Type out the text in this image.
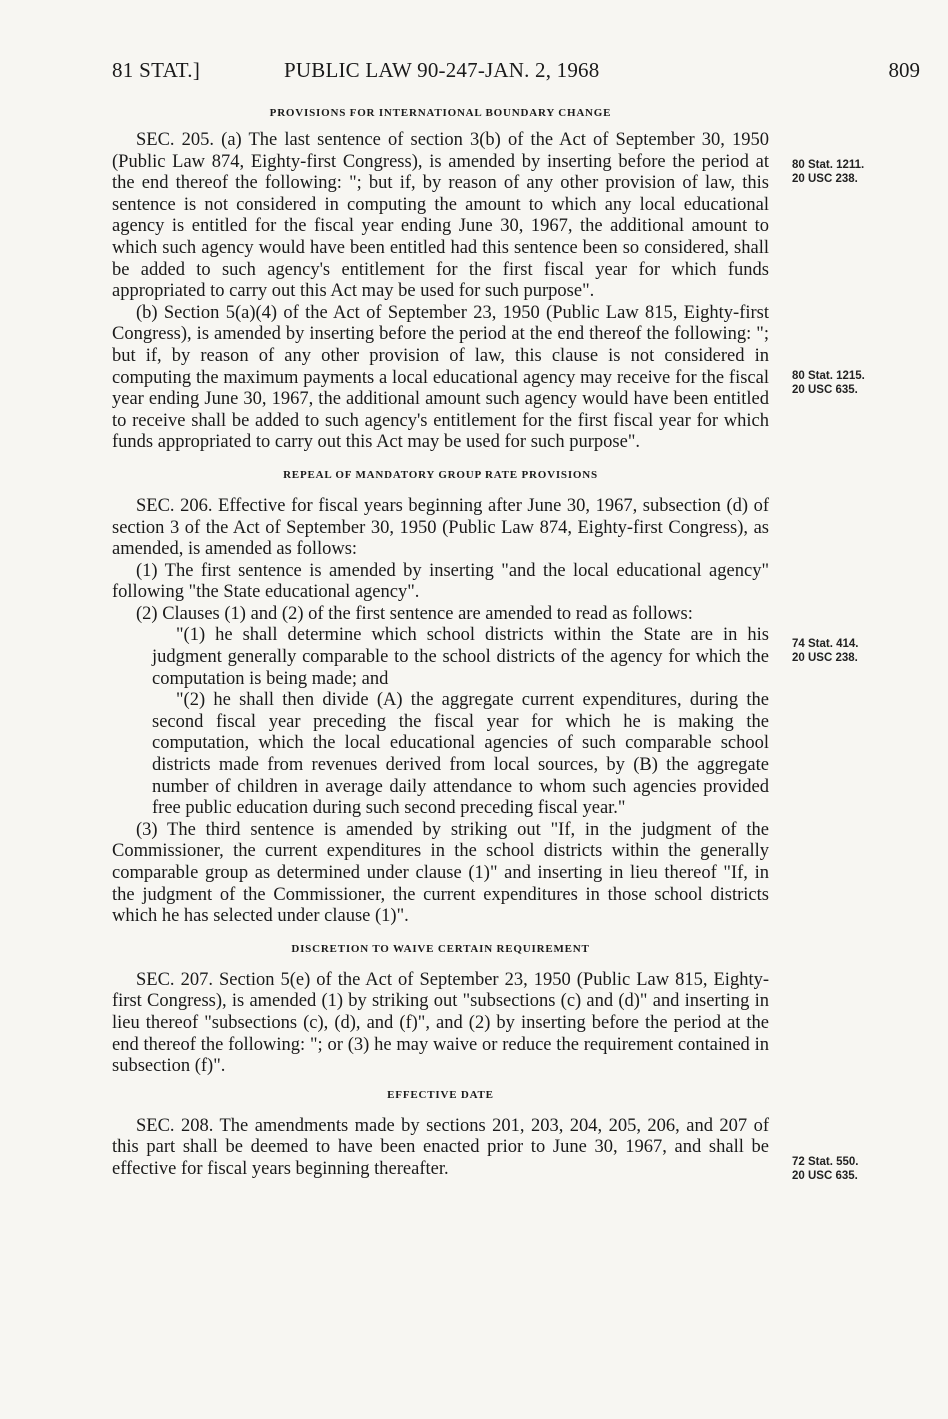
81 STAT.]	PUBLIC LAW 90-247-JAN. 2, 1968	809
PROVISIONS FOR INTERNATIONAL BOUNDARY CHANGE

SEC. 205. (a) The last sentence of section 3(b) of the Act of September 30, 1950 (Public Law 874, Eighty-first Congress), is amended by inserting before the period at the end thereof the following: "; but if, by reason of any other provision of law, this sentence is not considered in computing the amount to which any local educational agency is entitled for the fiscal year ending June 30, 1967, the additional amount to which such agency would have been entitled had this sentence been so considered, shall be added to such agency's entitlement for the first fiscal year for which funds appropriated to carry out this Act may be used for such purpose".

(b) Section 5(a)(4) of the Act of September 23, 1950 (Public Law 815, Eighty-first Congress), is amended by inserting before the period at the end thereof the following: "; but if, by reason of any other provision of law, this clause is not considered in computing the maximum payments a local educational agency may receive for the fiscal year ending June 30, 1967, the additional amount such agency would have been entitled to receive shall be added to such agency's entitlement for the first fiscal year for which funds appropriated to carry out this Act may be used for such purpose".

REPEAL OF MANDATORY GROUP RATE PROVISIONS

SEC. 206. Effective for fiscal years beginning after June 30, 1967, subsection (d) of section 3 of the Act of September 30, 1950 (Public Law 874, Eighty-first Congress), as amended, is amended as follows:

(1) The first sentence is amended by inserting "and the local educational agency" following "the State educational agency".

(2) Clauses (1) and (2) of the first sentence are amended to read as follows:

"(1) he shall determine which school districts within the State are in his judgment generally comparable to the school districts of the agency for which the computation is being made; and

"(2) he shall then divide (A) the aggregate current expenditures, during the second fiscal year preceding the fiscal year for which he is making the computation, which the local educational agencies of such comparable school districts made from revenues derived from local sources, by (B) the aggregate number of children in average daily attendance to whom such agencies provided free public education during such second preceding fiscal year."

(3) The third sentence is amended by striking out "If, in the judgment of the Commissioner, the current expenditures in the school districts within the generally comparable group as determined under clause (1)" and inserting in lieu thereof "If, in the judgment of the Commissioner, the current expenditures in those school districts which he has selected under clause (1)".

DISCRETION TO WAIVE CERTAIN REQUIREMENT

SEC. 207. Section 5(e) of the Act of September 23, 1950 (Public Law 815, Eighty-first Congress), is amended (1) by striking out "subsections (c) and (d)" and inserting in lieu thereof "subsections (c), (d), and (f)", and (2) by inserting before the period at the end thereof the following: "; or (3) he may waive or reduce the requirement contained in subsection (f)".

EFFECTIVE DATE

SEC. 208. The amendments made by sections 201, 203, 204, 205, 206, and 207 of this part shall be deemed to have been enacted prior to June 30, 1967, and shall be effective for fiscal years beginning thereafter.

80 Stat. 1211.
20 USC 238.
80 Stat. 1215.
20 USC 635.
74 Stat. 414.
20 USC 238.
72 Stat. 550.
20 USC 635.
